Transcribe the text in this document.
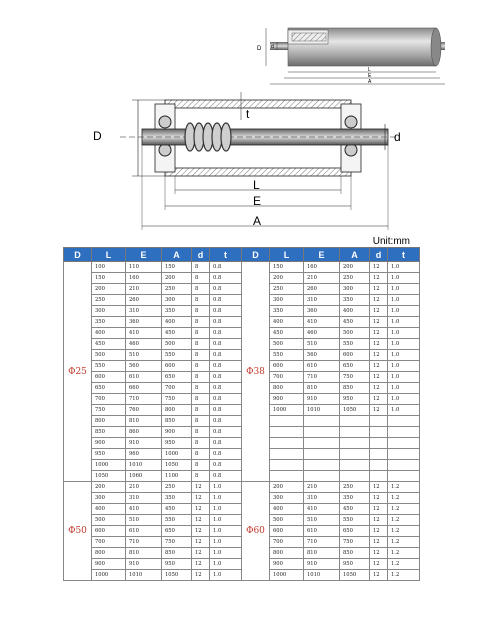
D d
L
E
A
D	d
t
L
E
A
Unit:mm
D	L	E	A	d	t
Φ25	100	110	150	8	0.8
	150	160	200	8	0.8
	200	210	250	8	0.8
	250	260	300	8	0.8
	300	310	350	8	0.8
	350	360	400	8	0.8
	400	410	450	8	0.8
	450	460	500	8	0.8
	500	510	550	8	0.8
	550	560	600	8	0.8
	600	610	650	8	0.8
	650	660	700	8	0.8
	700	710	750	8	0.8
	750	760	800	8	0.8
	800	810	850	8	0.8
	850	860	900	8	0.8
	900	910	950	8	0.8
	950	960	1000	8	0.8
	1000	1010	1050	8	0.8
	1050	1060	1100	8	0.8
Φ50	200	210	250	12	1.0
	300	310	350	12	1.0
	400	410	450	12	1.0
	500	510	550	12	1.0
	600	610	650	12	1.0
	700	710	750	12	1.0
	800	810	850	12	1.0
	900	910	950	12	1.0
	1000	1010	1050	12	1.0
D	L	E	A	d	t
Φ38	150	160	200	12	1.0
	200	210	250	12	1.0
	250	260	300	12	1.0
	300	310	350	12	1.0
	350	360	400	12	1.0
	400	410	450	12	1.0
	450	460	500	12	1.0
	500	510	550	12	1.0
	550	560	600	12	1.0
	600	610	650	12	1.0
	700	710	750	12	1.0
	800	810	850	12	1.0
	900	910	950	12	1.0
	1000	1010	1050	12	1.0

Φ60	200	210	250	12	1.2
	300	310	350	12	1.2
	400	410	450	12	1.2
	500	510	550	12	1.2
	600	610	650	12	1.2
	700	710	750	12	1.2
	800	810	850	12	1.2
	900	910	950	12	1.2
	1000	1010	1050	12	1.2
